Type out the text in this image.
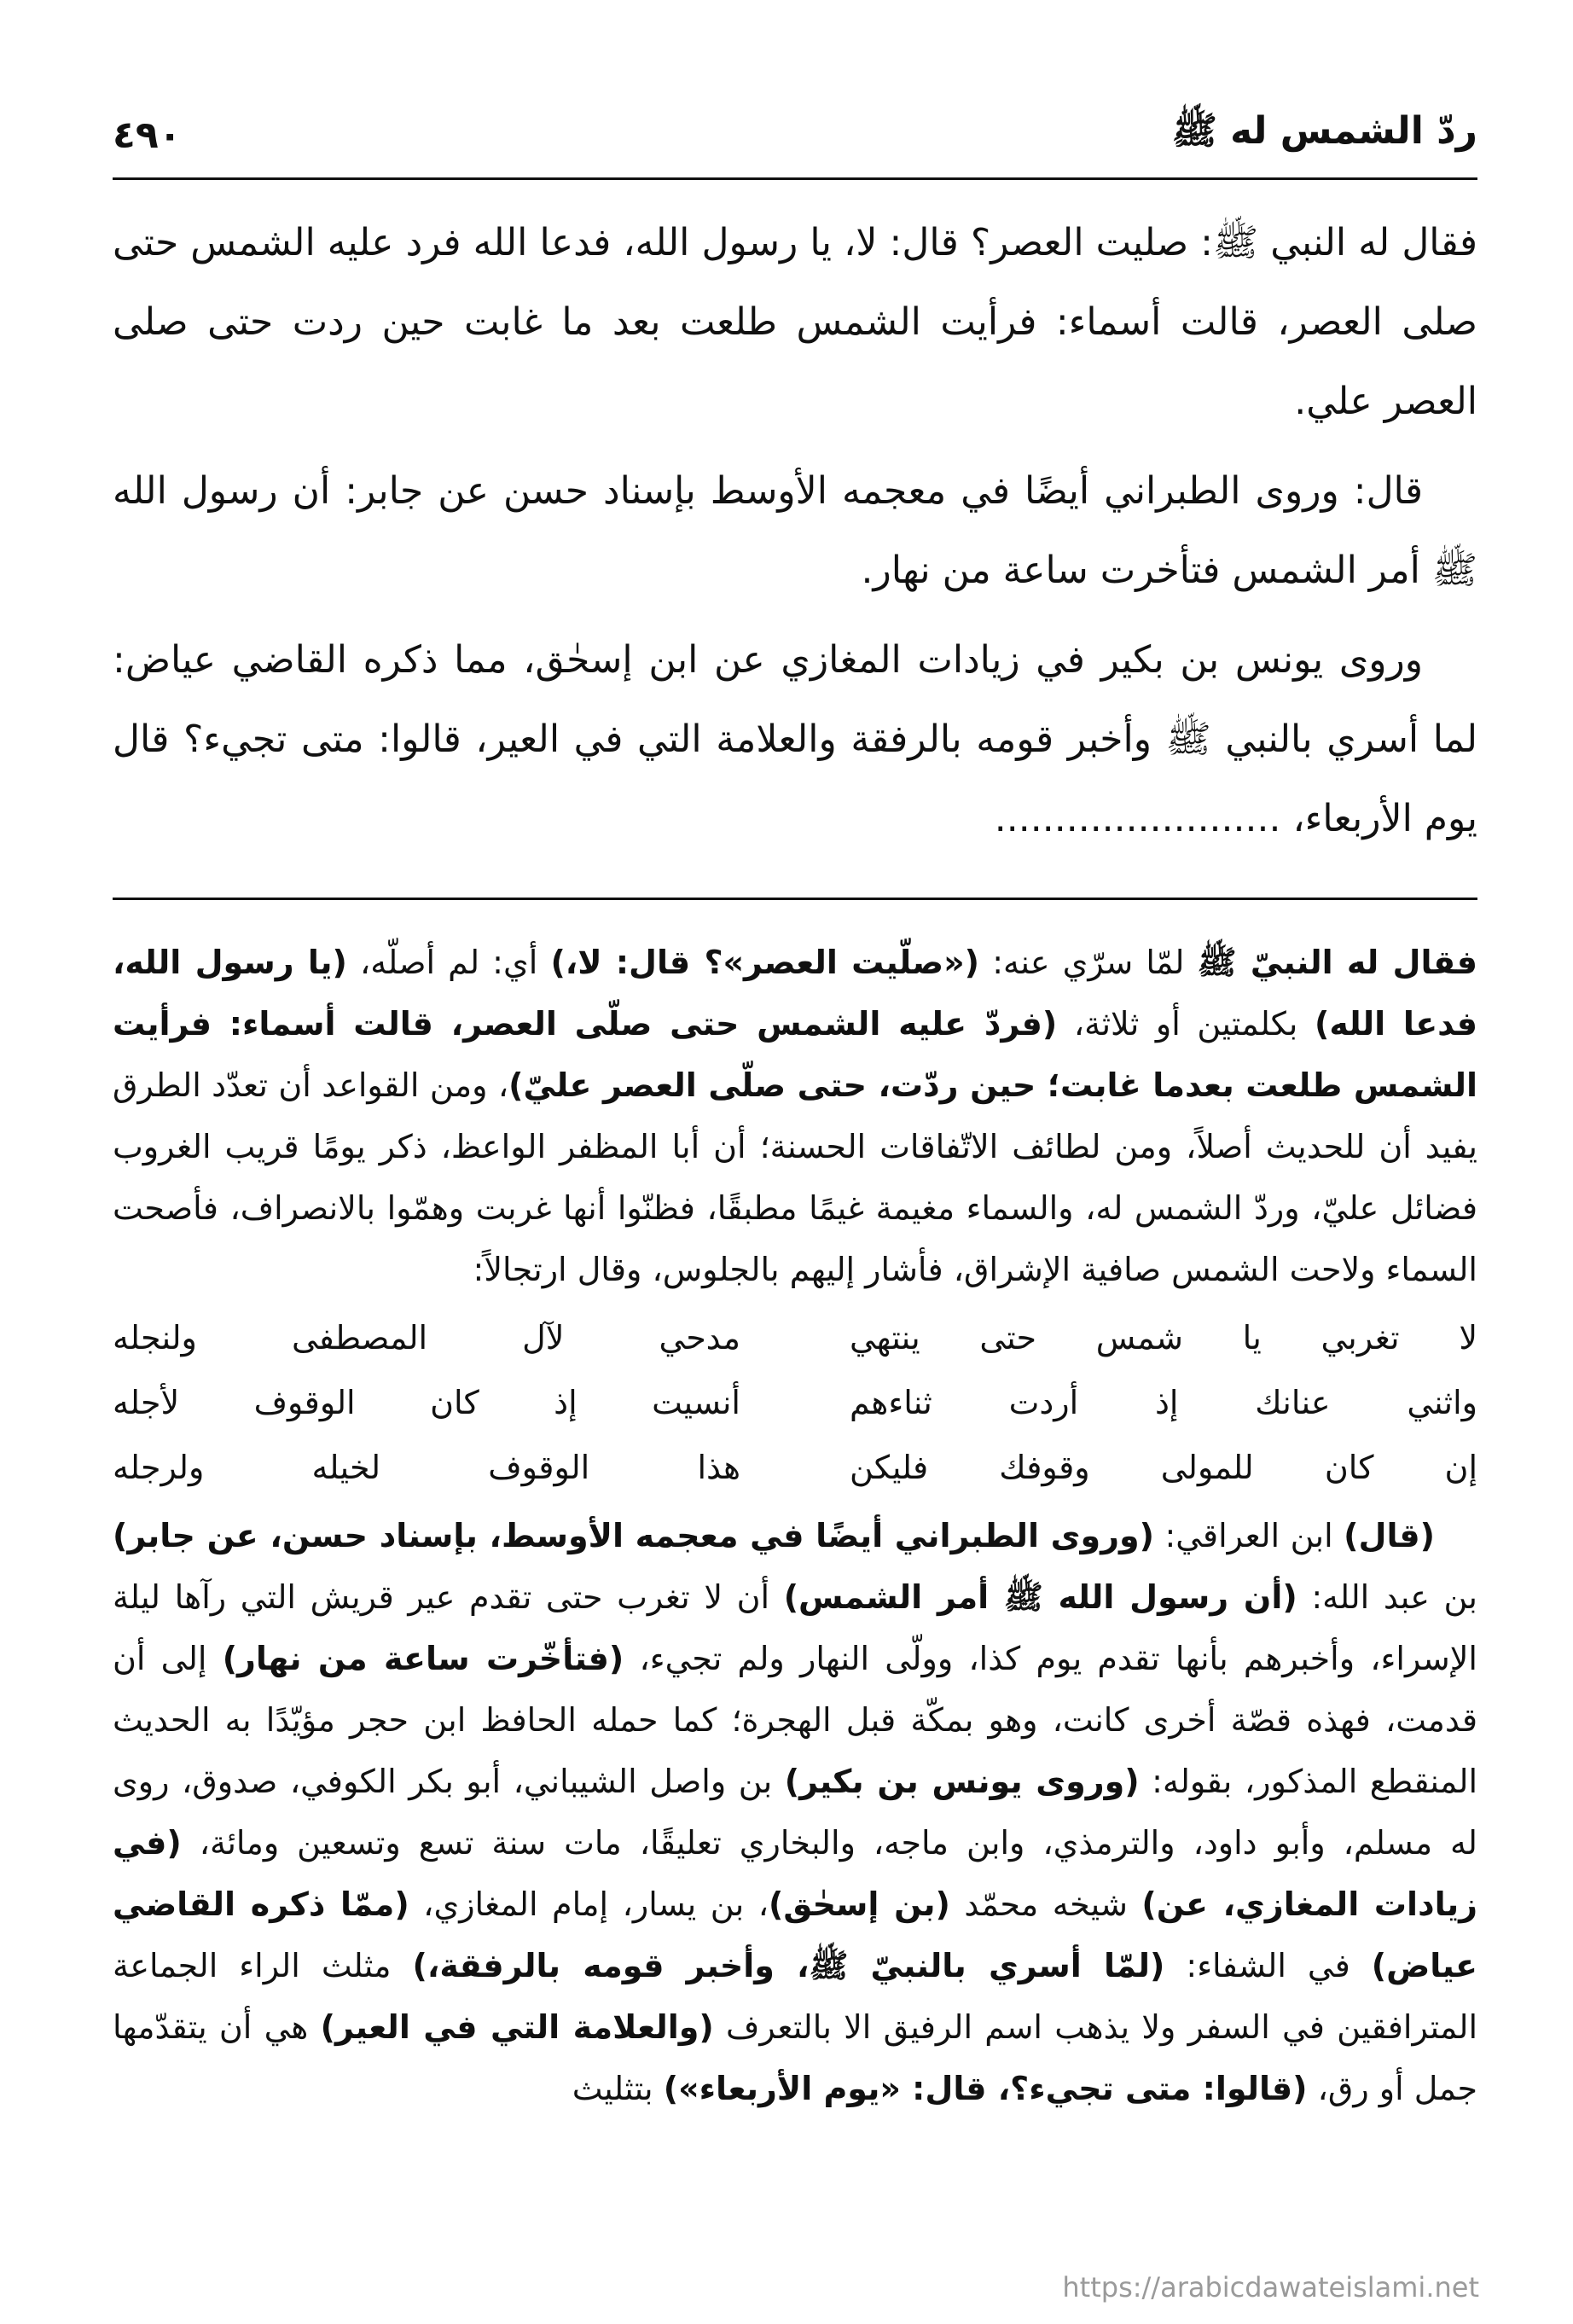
ردّ الشمس له ﷺ
٤٩٠

فقال له النبي ﷺ: صليت العصر؟ قال: لا، يا رسول الله، فدعا الله فرد عليه الشمس حتى صلى العصر، قالت أسماء: فرأيت الشمس طلعت بعد ما غابت حين ردت حتى صلى العصر علي.

قال: وروى الطبراني أيضًا في معجمه الأوسط بإسناد حسن عن جابر: أن رسول الله ﷺ أمر الشمس فتأخرت ساعة من نهار.

وروى يونس بن بكير في زيادات المغازي عن ابن إسحٰق، مما ذكره القاضي عياض: لما أسري بالنبي ﷺ وأخبر قومه بالرفقة والعلامة التي في العير، قالوا: متى تجيء؟ قال يوم الأربعاء، ........................

فقال له النبيّ ﷺ لمّا سرّي عنه: («صلّيت العصر»؟ قال: لا،) أي: لم أصلّه، (يا رسول الله، فدعا الله) بكلمتين أو ثلاثة، (فردّ عليه الشمس حتى صلّى العصر، قالت أسماء: فرأيت الشمس طلعت بعدما غابت؛ حين ردّت، حتى صلّى العصر عليّ)، ومن القواعد أن تعدّد الطرق يفيد أن للحديث أصلاً، ومن لطائف الاتّفاقات الحسنة؛ أن أبا المظفر الواعظ، ذكر يومًا قريب الغروب فضائل عليّ، وردّ الشمس له، والسماء مغيمة غيمًا مطبقًا، فظنّوا أنها غربت وهمّوا بالانصراف، فأصحت السماء ولاحت الشمس صافية الإشراق، فأشار إليهم بالجلوس، وقال ارتجالاً:

لا تغربي يا شمس حتى ينتهي
مدحي لآل المصطفى ولنجله
واثني عنانك إذ أردت ثناءهم
أنسيت إذ كان الوقوف لأجله
إن كان للمولى وقوفك فليكن
هذا الوقوف لخيله ولرجله

(قال) ابن العراقي: (وروى الطبراني أيضًا في معجمه الأوسط، بإسناد حسن، عن جابر) بن عبد الله: (أن رسول الله ﷺ أمر الشمس) أن لا تغرب حتى تقدم عير قريش التي رآها ليلة الإسراء، وأخبرهم بأنها تقدم يوم كذا، وولّى النهار ولم تجيء، (فتأخّرت ساعة من نهار) إلى أن قدمت، فهذه قصّة أخرى كانت، وهو بمكّة قبل الهجرة؛ كما حمله الحافظ ابن حجر مؤيّدًا به الحديث المنقطع المذكور، بقوله: (وروى يونس بن بكير) بن واصل الشيباني، أبو بكر الكوفي، صدوق، روى له مسلم، وأبو داود، والترمذي، وابن ماجه، والبخاري تعليقًا، مات سنة تسع وتسعين ومائة، (في زيادات المغازي، عن) شيخه محمّد (بن إسحٰق)، بن يسار، إمام المغازي، (ممّا ذكره القاضي عياض) في الشفاء: (لمّا أسري بالنبيّ ﷺ، وأخبر قومه بالرفقة،) مثلث الراء الجماعة المترافقين في السفر ولا يذهب اسم الرفيق الا بالتعرف (والعلامة التي في العير) هي أن يتقدّمها جمل أو رق، (قالوا: متى تجيء؟، قال: «يوم الأربعاء») بتثليث

https://arabicdawateislami.net
